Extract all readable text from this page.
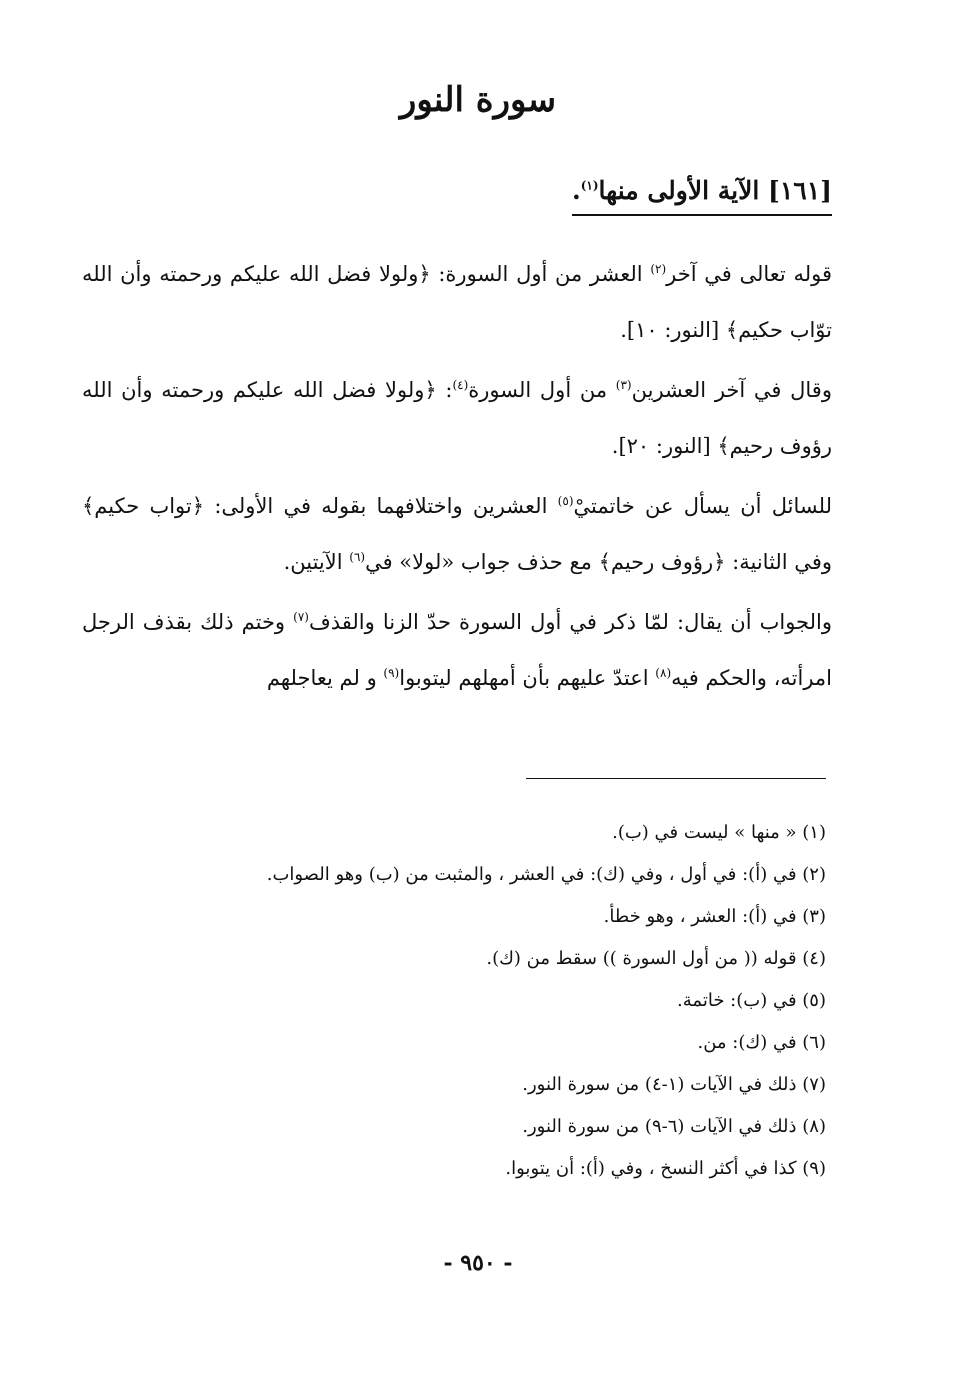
سورة النور
[١٦١] الآية الأولى منها$^{(١)}$.

قوله تعالى في آخر$^{(٢)}$ العشر من أول السورة: ﴿ولولا فضل الله عليكم ورحمته وأن الله توّاب حكيم﴾ [النور: ١٠].

وقال في آخر العشرين$^{(٣)}$ من أول السورة$^{(٤)}$: ﴿ولولا فضل الله عليكم ورحمته وأن الله رؤوف رحيم﴾ [النور: ٢٠].

للسائل أن يسأل عن خاتمتيْ$^{(٥)}$ العشرين واختلافهما بقوله في الأولى: ﴿تواب حكيم﴾ وفي الثانية: ﴿رؤوف رحيم﴾ مع حذف جواب «لولا» في$^{(٦)}$ الآيتين.

والجواب أن يقال: لمّا ذكر في أول السورة حدّ الزنا والقذف$^{(٧)}$ وختم ذلك بقذف الرجل امرأته، والحكم فيه$^{(٨)}$ اعتدّ عليهم بأن أمهلهم ليتوبوا$^{(٩)}$ و لم يعاجلهم

(١) « منها » ليست في (ب).
(٢) في (أ): في أول ، وفي (ك): في العشر ، والمثبت من (ب) وهو الصواب.
(٣) في (أ): العشر ، وهو خطأ.
(٤) قوله (( من أول السورة )) سقط من (ك).
(٥) في (ب): خاتمة.
(٦) في (ك): من.
(٧) ذلك في الآيات (١-٤) من سورة النور.
(٨) ذلك في الآيات (٦-٩) من سورة النور.
(٩) كذا في أكثر النسخ ، وفي (أ): أن يتوبوا.
- ٩٥٠ -
